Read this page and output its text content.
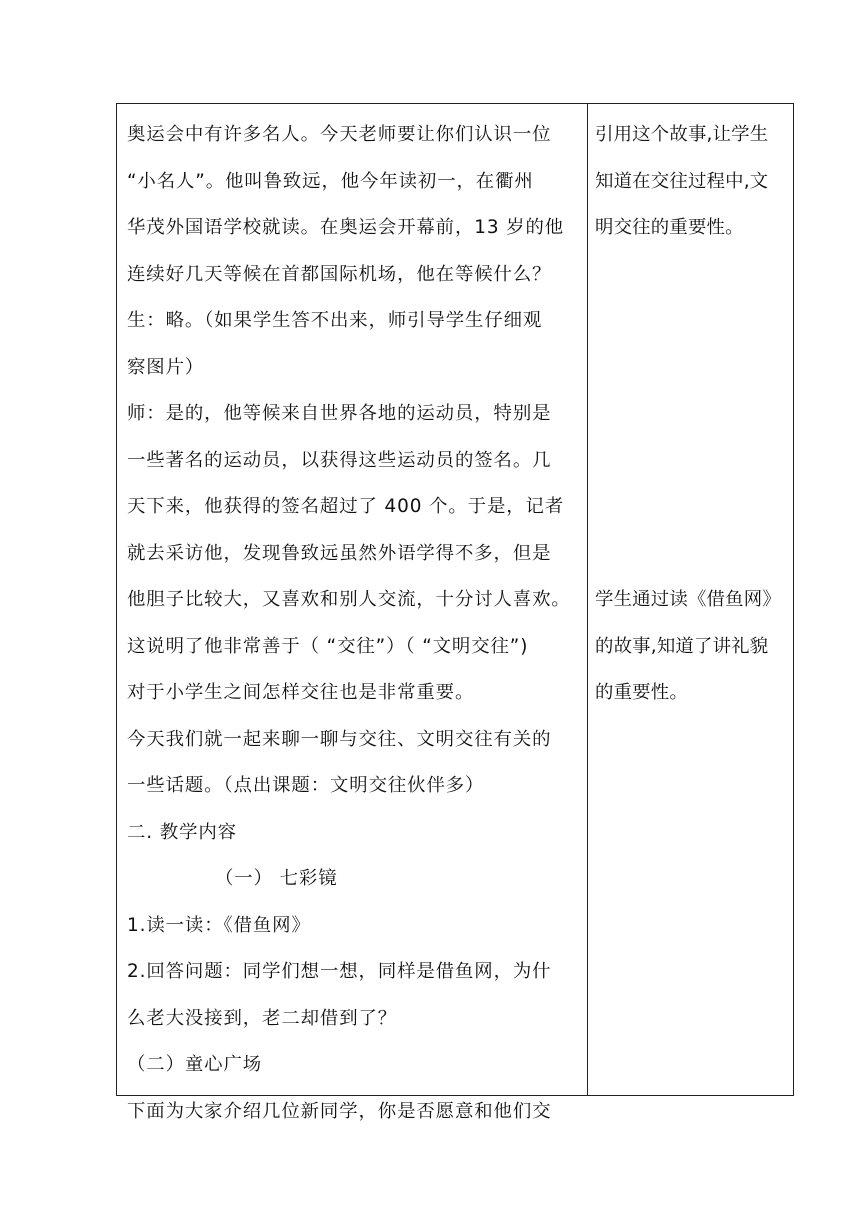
奥运会中有许多名人。今天老师要让你们认识一位
“小名人”。他叫鲁致远，他今年读初一，在衢州
华茂外国语学校就读。在奥运会开幕前，13 岁的他
连续好几天等候在首都国际机场，他在等候什么？
生：略。（如果学生答不出来，师引导学生仔细观
察图片）
师：是的，他等候来自世界各地的运动员，特别是
一些著名的运动员，以获得这些运动员的签名。几
天下来，他获得的签名超过了 400 个。于是，记者
就去采访他，发现鲁致远虽然外语学得不多，但是
他胆子比较大，又喜欢和别人交流，十分讨人喜欢。
这说明了他非常善于（ “交往”）（ “文明交往”)
对于小学生之间怎样交往也是非常重要。
今天我们就一起来聊一聊与交往、文明交往有关的
一些话题。（点出课题：文明交往伙伴多）
二. 教学内容
（一） 七彩镜
1.读一读：《借鱼网》
2.回答问题：同学们想一想，同样是借鱼网，为什
么老大没接到，老二却借到了？
（二）童心广场
下面为大家介绍几位新同学，你是否愿意和他们交
引用这个故事,让学生
知道在交往过程中,文
明交往的重要性。
学生通过读《借鱼网》
的故事,知道了讲礼貌
的重要性。
